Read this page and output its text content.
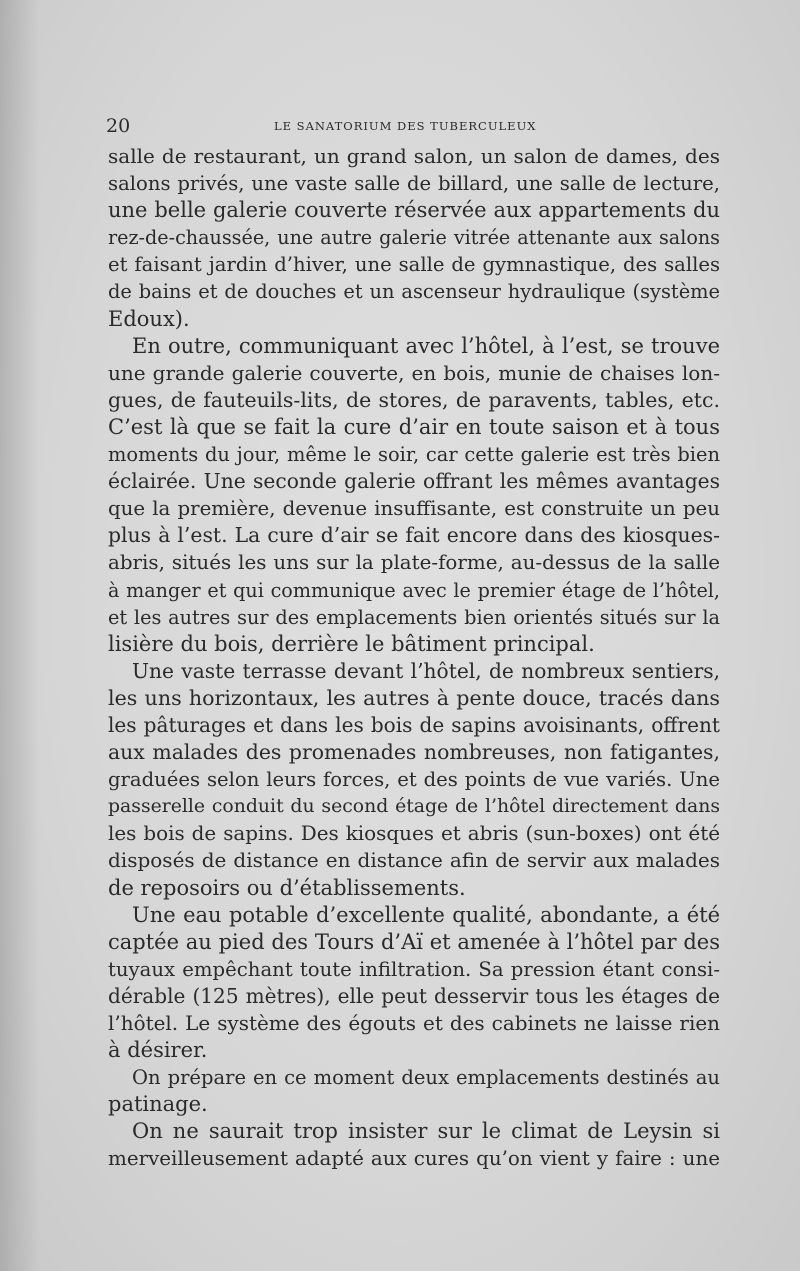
20	LE SANATORIUM DES TUBERCULEUX
salle de restaurant, un grand salon, un salon de dames, des
salons privés, une vaste salle de billard, une salle de lecture,
une belle galerie couverte réservée aux appartements du
rez-de-chaussée, une autre galerie vitrée attenante aux salons
et faisant jardin d’hiver, une salle de gymnastique, des salles
de bains et de douches et un ascenseur hydraulique (système
Edoux).
En outre, communiquant avec l’hôtel, à l’est, se trouve
une grande galerie couverte, en bois, munie de chaises lon-
gues, de fauteuils-lits, de stores, de paravents, tables, etc.
C’est là que se fait la cure d’air en toute saison et à tous
moments du jour, même le soir, car cette galerie est très bien
éclairée. Une seconde galerie offrant les mêmes avantages
que la première, devenue insuffisante, est construite un peu
plus à l’est. La cure d’air se fait encore dans des kiosques-
abris, situés les uns sur la plate-forme, au-dessus de la salle
à manger et qui communique avec le premier étage de l’hôtel,
et les autres sur des emplacements bien orientés situés sur la
lisière du bois, derrière le bâtiment principal.
Une vaste terrasse devant l’hôtel, de nombreux sentiers,
les uns horizontaux, les autres à pente douce, tracés dans
les pâturages et dans les bois de sapins avoisinants, offrent
aux malades des promenades nombreuses, non fatigantes,
graduées selon leurs forces, et des points de vue variés. Une
passerelle conduit du second étage de l’hôtel directement dans
les bois de sapins. Des kiosques et abris (sun-boxes) ont été
disposés de distance en distance afin de servir aux malades
de reposoirs ou d’établissements.
Une eau potable d’excellente qualité, abondante, a été
captée au pied des Tours d’Aï et amenée à l’hôtel par des
tuyaux empêchant toute infiltration. Sa pression étant consi-
dérable (125 mètres), elle peut desservir tous les étages de
l’hôtel. Le système des égouts et des cabinets ne laisse rien
à désirer.
On prépare en ce moment deux emplacements destinés au
patinage.
On ne saurait trop insister sur le climat de Leysin si
merveilleusement adapté aux cures qu’on vient y faire : une
